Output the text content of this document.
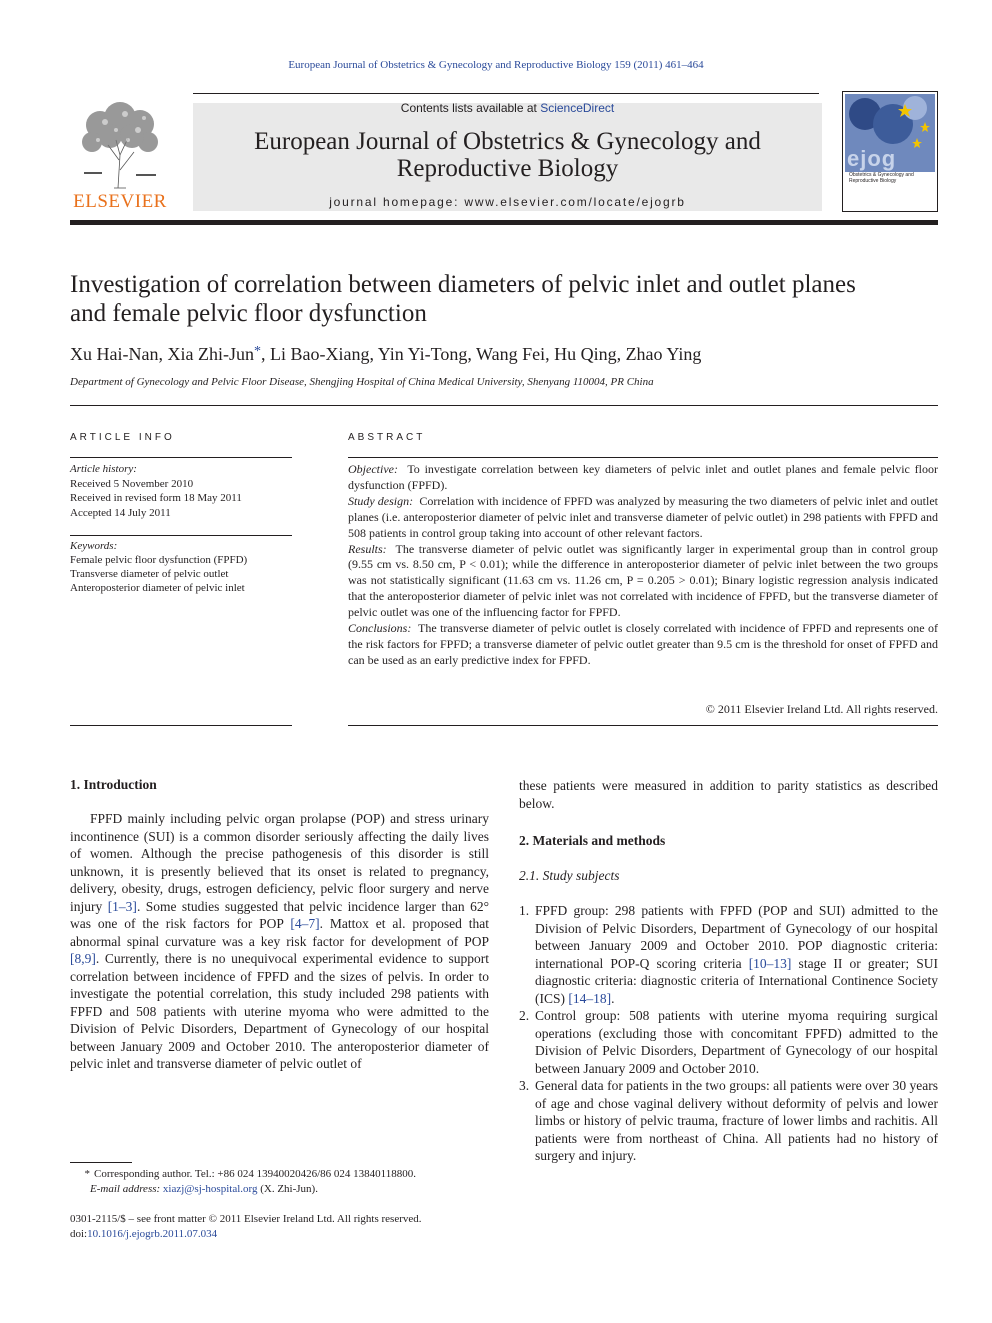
European Journal of Obstetrics & Gynecology and Reproductive Biology 159 (2011) 461–464
ELSEVIER
Contents lists available at ScienceDirect
European Journal of Obstetrics & Gynecology and
Reproductive Biology
journal homepage: www.elsevier.com/locate/ejogrb
ejog
Obstetrics & Gynecology and Reproductive Biology
Investigation of correlation between diameters of pelvic inlet and outlet planes
and female pelvic floor dysfunction
Xu Hai-Nan, Xia Zhi-Jun*, Li Bao-Xiang, Yin Yi-Tong, Wang Fei, Hu Qing, Zhao Ying
Department of Gynecology and Pelvic Floor Disease, Shengjing Hospital of China Medical University, Shenyang 110004, PR China
ARTICLE INFO
Article history:
Received 5 November 2010
Received in revised form 18 May 2011
Accepted 14 July 2011
Keywords:
Female pelvic floor dysfunction (FPFD)
Transverse diameter of pelvic outlet
Anteroposterior diameter of pelvic inlet
ABSTRACT

Objective: To investigate correlation between key diameters of pelvic inlet and outlet planes and female pelvic floor dysfunction (FPFD).

Study design: Correlation with incidence of FPFD was analyzed by measuring the two diameters of pelvic inlet and outlet planes (i.e. anteroposterior diameter of pelvic inlet and transverse diameter of pelvic outlet) in 298 patients with FPFD and 508 patients in control group taking into account of other relevant factors.

Results: The transverse diameter of pelvic outlet was significantly larger in experimental group than in control group (9.55 cm vs. 8.50 cm, P < 0.01); while the difference in anteroposterior diameter of pelvic inlet between the two groups was not statistically significant (11.63 cm vs. 11.26 cm, P = 0.205 > 0.01); Binary logistic regression analysis indicated that the anteroposterior diameter of pelvic inlet was not correlated with incidence of FPFD, but the transverse diameter of pelvic outlet was one of the influencing factor for FPFD.

Conclusions: The transverse diameter of pelvic outlet is closely correlated with incidence of FPFD and represents one of the risk factors for FPFD; a transverse diameter of pelvic outlet greater than 9.5 cm is the threshold for onset of FPFD and can be used as an early predictive index for FPFD.

© 2011 Elsevier Ireland Ltd. All rights reserved.
1. Introduction

FPFD mainly including pelvic organ prolapse (POP) and stress urinary incontinence (SUI) is a common disorder seriously affecting the daily lives of women. Although the precise pathogenesis of this disorder is still unknown, it is presently believed that its onset is related to pregnancy, delivery, obesity, drugs, estrogen deficiency, pelvic floor surgery and nerve injury [1–3]. Some studies suggested that pelvic incidence larger than 62° was one of the risk factors for POP [4–7]. Mattox et al. proposed that abnormal spinal curvature was a key risk factor for development of POP [8,9]. Currently, there is no unequivocal experimental evidence to support correlation between incidence of FPFD and the sizes of pelvis. In order to investigate the potential correlation, this study included 298 patients with FPFD and 508 patients with uterine myoma who were admitted to the Division of Pelvic Disorders, Department of Gynecology of our hospital between January 2009 and October 2010. The anteroposterior diameter of pelvic inlet and transverse diameter of pelvic outlet of

these patients were measured in addition to parity statistics as described below.

2. Materials and methods
2.1. Study subjects
1. FPFD group: 298 patients with FPFD (POP and SUI) admitted to the Division of Pelvic Disorders, Department of Gynecology of our hospital between January 2009 and October 2010. POP diagnostic criteria: international POP-Q scoring criteria [10–13] stage II or greater; SUI diagnostic criteria: diagnostic criteria of International Continence Society (ICS) [14–18].
2. Control group: 508 patients with uterine myoma requiring surgical operations (excluding those with concomitant FPFD) admitted to the Division of Pelvic Disorders, Department of Gynecology of our hospital between January 2009 and October 2010.
3. General data for patients in the two groups: all patients were over 30 years of age and chose vaginal delivery without deformity of pelvis and lower limbs or history of pelvic trauma, fracture of lower limbs and rachitis. All patients were from northeast of China. All patients had no history of surgery and injury.
* Corresponding author. Tel.: +86 024 13940020426/86 024 13840118800.
E-mail address: xiazj@sj-hospital.org (X. Zhi-Jun).
0301-2115/$ – see front matter © 2011 Elsevier Ireland Ltd. All rights reserved.
doi:10.1016/j.ejogrb.2011.07.034
